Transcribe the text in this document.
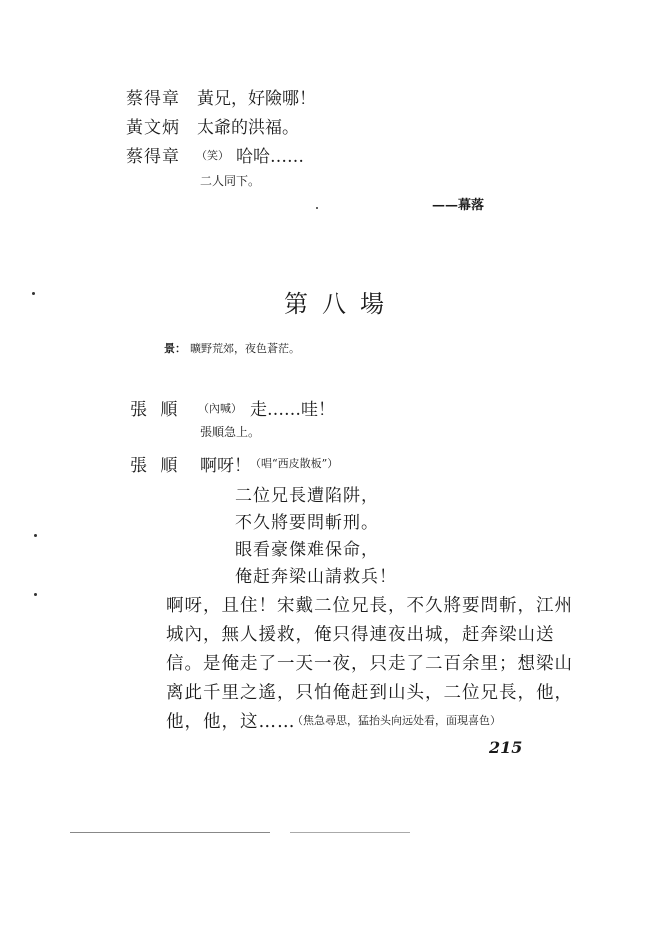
蔡得章 黃兄，好險哪！
黃文炳 太爺的洪福。
蔡得章 （笑） 哈哈……
二人同下。
——幕落
第八場
景： 曠野荒郊，夜色蒼茫。
張 順 （內喊） 走……哇！
張順急上。
張 順 啊呀！ （唱“西皮散板”）
二位兄長遭陷阱，
不久將要問斬刑。
眼看豪傑难保命，
俺赶奔梁山請救兵！
啊呀，且住！宋戴二位兄長，不久將要問斬，江州
城內，無人援救，俺只得連夜出城，赶奔梁山送
信。是俺走了一天一夜，只走了二百余里；想梁山
离此千里之遙，只怕俺赶到山头，二位兄長，他，
他，他，这……
（焦急尋思，猛抬头向远处看，面現喜色）
215
